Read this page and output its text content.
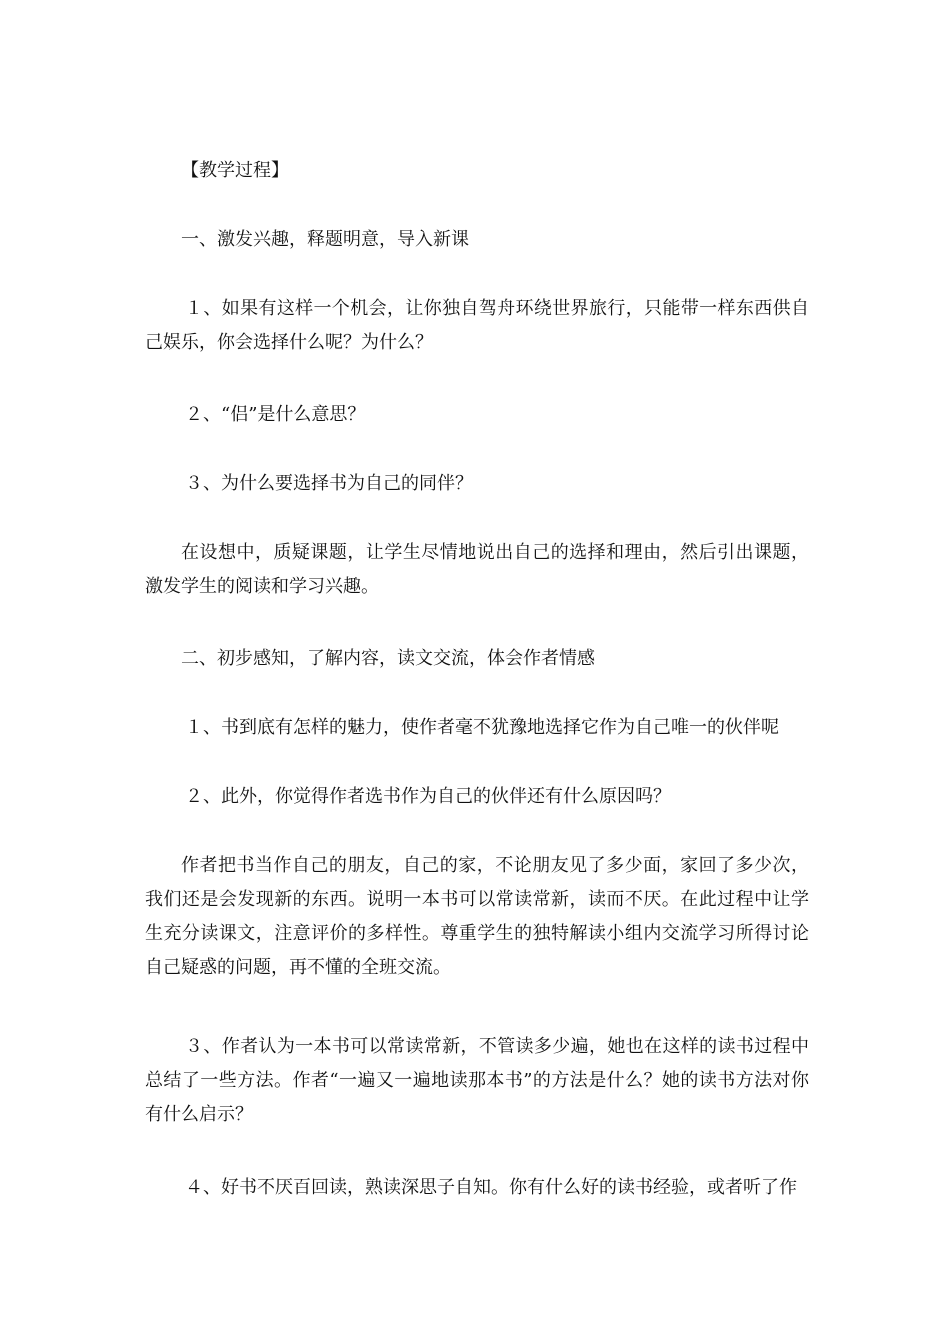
【教学过程】

一、激发兴趣，释题明意，导入新课

１、如果有这样一个机会，让你独自驾舟环绕世界旅行，只能带一样东西供自己娱乐，你会选择什么呢？为什么？

２、“侣”是什么意思？

３、为什么要选择书为自己的同伴？

在设想中，质疑课题，让学生尽情地说出自己的选择和理由，然后引出课题，激发学生的阅读和学习兴趣。

二、初步感知，了解内容，读文交流，体会作者情感

１、书到底有怎样的魅力，使作者毫不犹豫地选择它作为自己唯一的伙伴呢

２、此外，你觉得作者选书作为自己的伙伴还有什么原因吗？

作者把书当作自己的朋友，自己的家，不论朋友见了多少面，家回了多少次，我们还是会发现新的东西。说明一本书可以常读常新，读而不厌。在此过程中让学生充分读课文，注意评价的多样性。尊重学生的独特解读小组内交流学习所得讨论自己疑惑的问题，再不懂的全班交流。

３、作者认为一本书可以常读常新，不管读多少遍，她也在这样的读书过程中总结了一些方法。作者“一遍又一遍地读那本书”的方法是什么？她的读书方法对你有什么启示？

４、好书不厌百回读，熟读深思子自知。你有什么好的读书经验，或者听了作
